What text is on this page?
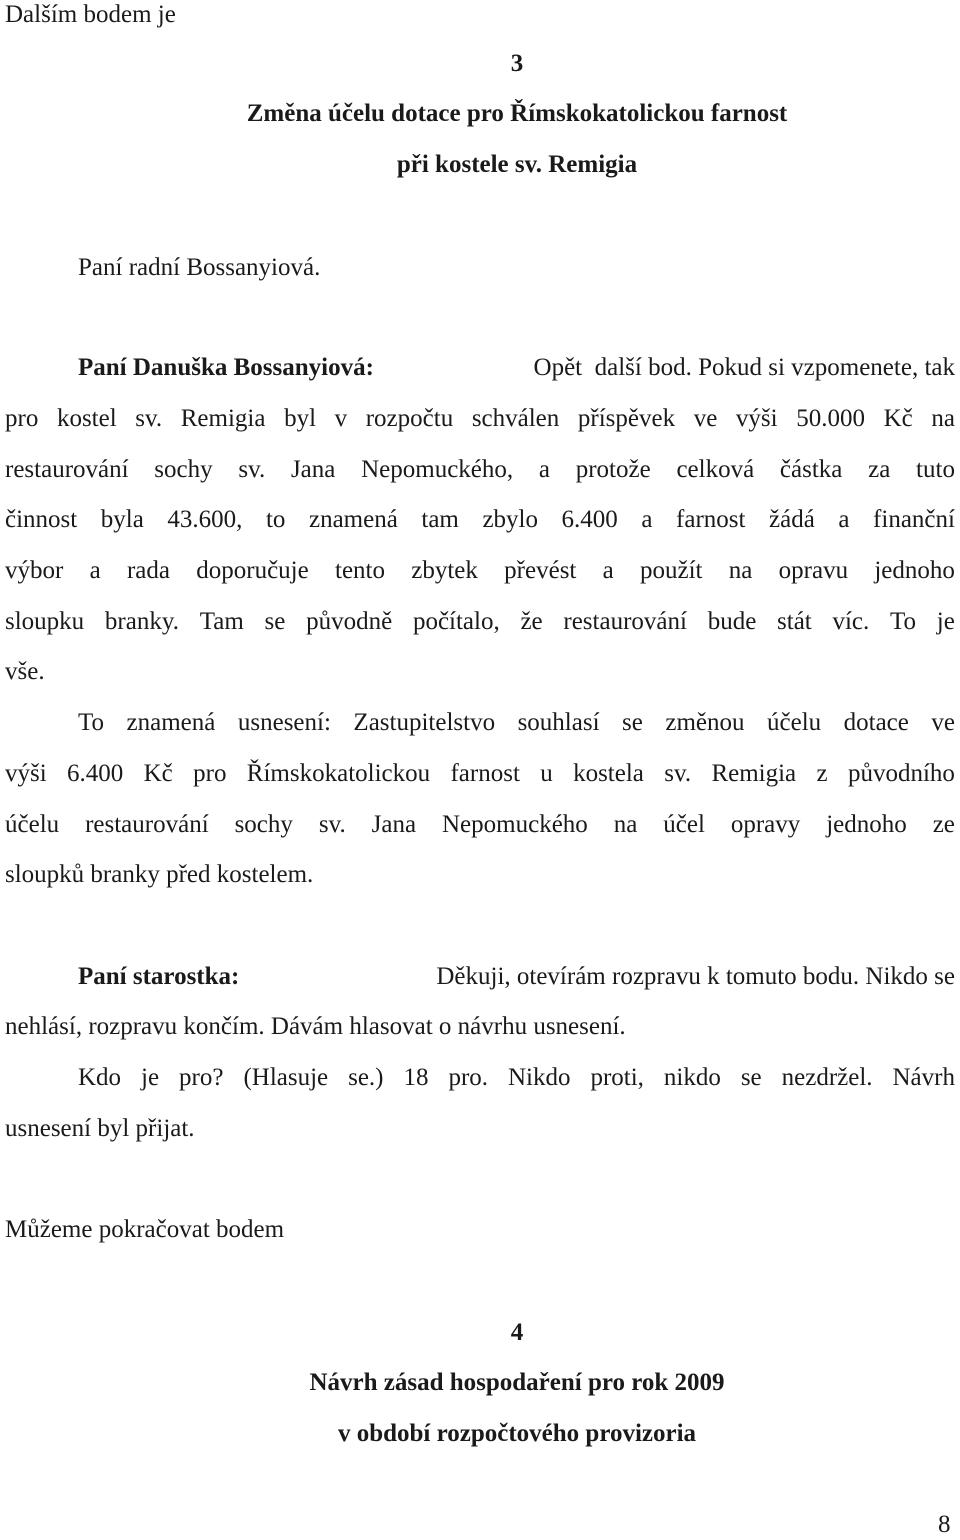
Dalším bodem je
3
Změna účelu dotace pro Římskokatolickou farnost
při kostele sv. Remigia
Paní radní Bossanyiová.
Paní Danuška Bossanyiová:	Opět  další bod. Pokud si vzpomenete, tak
pro kostel sv. Remigia byl v rozpočtu schválen příspěvek ve výši 50.000 Kč na
restaurování sochy sv. Jana Nepomuckého, a protože celková částka za tuto
činnost byla 43.600, to znamená tam zbylo 6.400 a farnost žádá a finanční
výbor a rada doporučuje tento zbytek převést a použít na opravu jednoho
sloupku branky. Tam se původně počítalo, že restaurování bude stát víc. To je
vše.
To znamená usnesení: Zastupitelstvo souhlasí se změnou účelu dotace ve
výši 6.400 Kč pro Římskokatolickou farnost u kostela sv. Remigia z původního
účelu restaurování sochy sv. Jana Nepomuckého na účel opravy jednoho ze
sloupků branky před kostelem.
Paní starostka:	Děkuji, otevírám rozpravu k tomuto bodu. Nikdo se
nehlásí, rozpravu končím. Dávám hlasovat o návrhu usnesení.
Kdo je pro? (Hlasuje se.) 18 pro. Nikdo proti, nikdo se nezdržel. Návrh
usnesení byl přijat.
Můžeme pokračovat bodem
4
Návrh zásad hospodaření pro rok 2009
v období rozpočtového provizoria
8
